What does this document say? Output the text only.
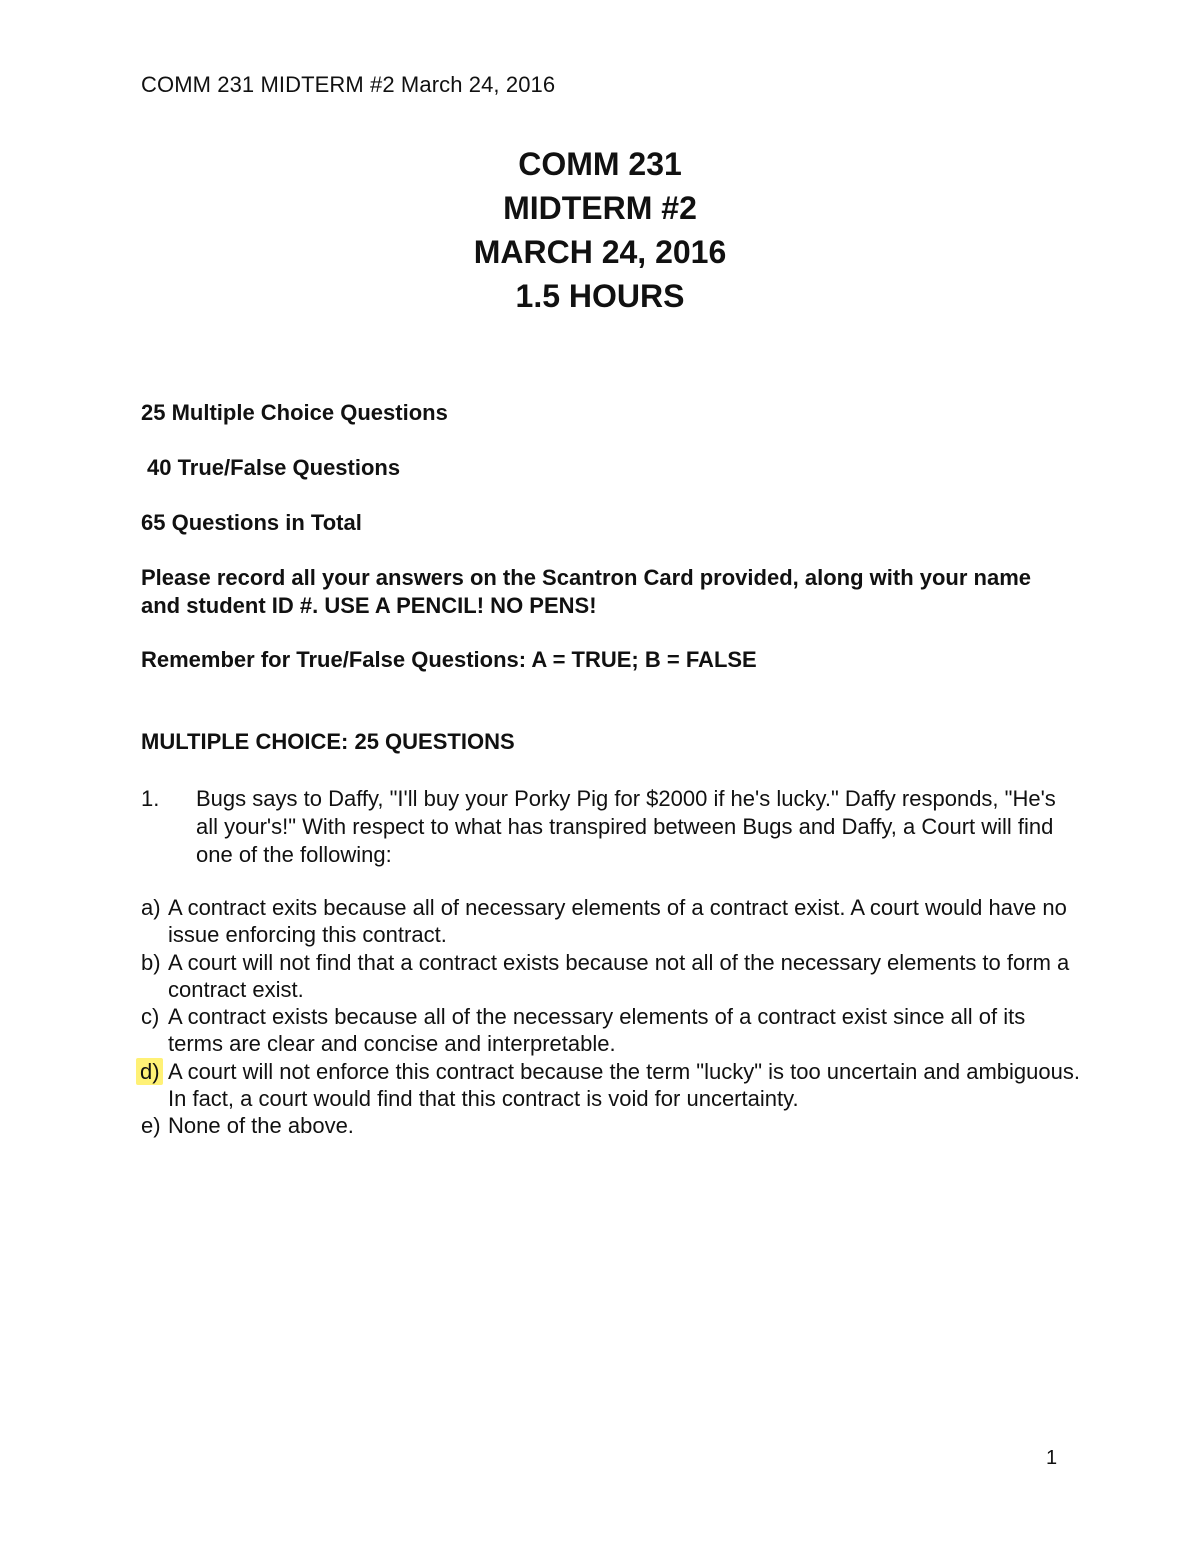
COMM 231 MIDTERM #2 March 24, 2016
COMM 231
MIDTERM #2
MARCH 24, 2016
1.5 HOURS
25 Multiple Choice Questions
40 True/False Questions
65 Questions in Total
Please record all your answers on the Scantron Card provided, along with your name and student ID #. USE A PENCIL! NO PENS!
Remember for True/False Questions: A = TRUE; B = FALSE
MULTIPLE CHOICE: 25 QUESTIONS
1. Bugs says to Daffy, "I'll buy your Porky Pig for $2000 if he's lucky." Daffy responds, "He's all your's!" With respect to what has transpired between Bugs and Daffy, a Court will find one of the following:
a) A contract exits because all of necessary elements of a contract exist. A court would have no issue enforcing this contract.
b) A court will not find that a contract exists because not all of the necessary elements to form a contract exist.
c) A contract exists because all of the necessary elements of a contract exist since all of its terms are clear and concise and interpretable.
d) A court will not enforce this contract because the term "lucky" is too uncertain and ambiguous. In fact, a court would find that this contract is void for uncertainty.
e) None of the above.
1
